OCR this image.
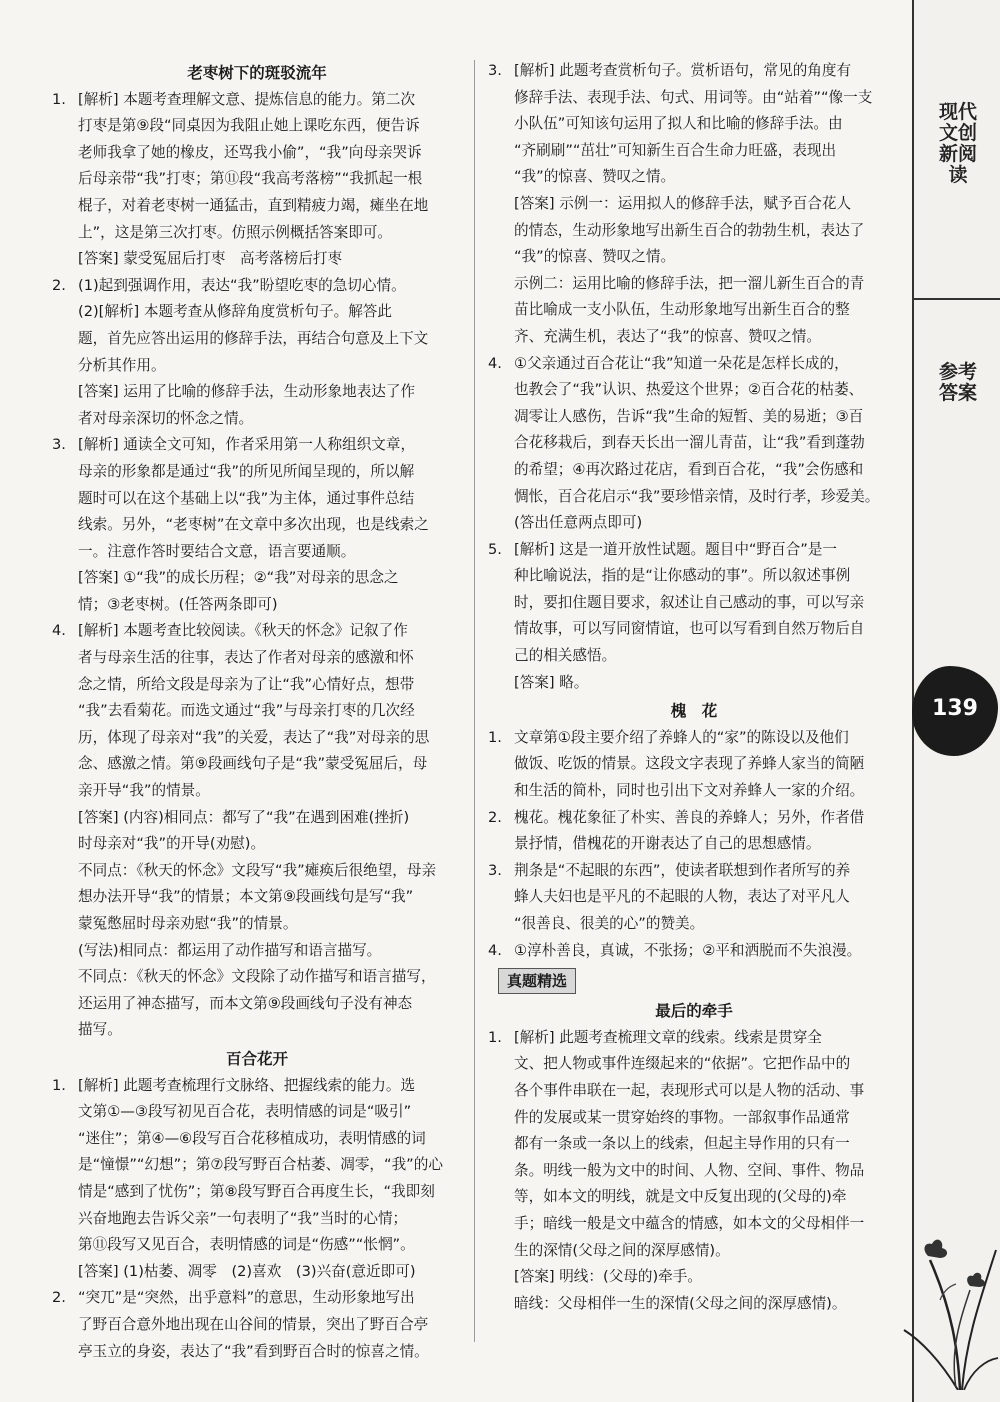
老枣树下的斑驳流年

1. [解析] 本题考查理解文意、提炼信息的能力。第二次
打枣是第⑨段“同桌因为我阻止她上课吃东西，便告诉
老师我拿了她的橡皮，还骂我小偷”，“我”向母亲哭诉
后母亲带“我”打枣；第⑪段“我高考落榜”“我抓起一根
棍子，对着老枣树一通猛击，直到精疲力竭，瘫坐在地
上”，这是第三次打枣。仿照示例概括答案即可。
[答案] 蒙受冤屈后打枣　高考落榜后打枣
2. (1)起到强调作用，表达“我”盼望吃枣的急切心情。
(2)[解析] 本题考查从修辞角度赏析句子。解答此
题，首先应答出运用的修辞手法，再结合句意及上下文
分析其作用。
[答案] 运用了比喻的修辞手法，生动形象地表达了作
者对母亲深切的怀念之情。
3. [解析] 通读全文可知，作者采用第一人称组织文章，
母亲的形象都是通过“我”的所见所闻呈现的，所以解
题时可以在这个基础上以“我”为主体，通过事件总结
线索。另外，“老枣树”在文章中多次出现，也是线索之
一。注意作答时要结合文意，语言要通顺。
[答案] ①“我”的成长历程；②“我”对母亲的思念之
情；③老枣树。(任答两条即可)
4. [解析] 本题考查比较阅读。《秋天的怀念》记叙了作
者与母亲生活的往事，表达了作者对母亲的感激和怀
念之情，所给文段是母亲为了让“我”心情好点，想带
“我”去看菊花。而选文通过“我”与母亲打枣的几次经
历，体现了母亲对“我”的关爱，表达了“我”对母亲的思
念、感激之情。第⑨段画线句子是“我”蒙受冤屈后，母
亲开导“我”的情景。
[答案] (内容)相同点：都写了“我”在遇到困难(挫折)
时母亲对“我”的开导(劝慰)。
不同点：《秋天的怀念》文段写“我”瘫痪后很绝望，母亲
想办法开导“我”的情景；本文第⑨段画线句是写“我”
蒙冤憋屈时母亲劝慰“我”的情景。
(写法)相同点：都运用了动作描写和语言描写。
不同点：《秋天的怀念》文段除了动作描写和语言描写，
还运用了神态描写，而本文第⑨段画线句子没有神态
描写。

百合花开

1. [解析] 此题考查梳理行文脉络、把握线索的能力。选
文第①—③段写初见百合花，表明情感的词是“吸引”
“迷住”；第④—⑥段写百合花移植成功，表明情感的词
是“憧憬”“幻想”；第⑦段写野百合枯萎、凋零，“我”的心
情是“感到了忧伤”；第⑧段写野百合再度生长，“我即刻
兴奋地跑去告诉父亲”一句表明了“我”当时的心情；
第⑪段写又见百合，表明情感的词是“伤感”“怅惘”。
[答案] (1)枯萎、凋零　(2)喜欢　(3)兴奋(意近即可)
2. “突兀”是“突然，出乎意料”的意思，生动形象地写出
了野百合意外地出现在山谷间的情景，突出了野百合亭
亭玉立的身姿，表达了“我”看到野百合时的惊喜之情。
3. [解析] 此题考查赏析句子。赏析语句，常见的角度有
修辞手法、表现手法、句式、用词等。由“站着”“像一支
小队伍”可知该句运用了拟人和比喻的修辞手法。由
“齐刷刷”“茁壮”可知新生百合生命力旺盛，表现出
“我”的惊喜、赞叹之情。
[答案] 示例一：运用拟人的修辞手法，赋予百合花人
的情态，生动形象地写出新生百合的勃勃生机，表达了
“我”的惊喜、赞叹之情。
示例二：运用比喻的修辞手法，把一溜儿新生百合的青
苗比喻成一支小队伍，生动形象地写出新生百合的整
齐、充满生机，表达了“我”的惊喜、赞叹之情。
4. ①父亲通过百合花让“我”知道一朵花是怎样长成的，
也教会了“我”认识、热爱这个世界；②百合花的枯萎、
凋零让人感伤，告诉“我”生命的短暂、美的易逝；③百
合花移栽后，到春天长出一溜儿青苗，让“我”看到蓬勃
的希望；④再次路过花店，看到百合花，“我”会伤感和
惆怅，百合花启示“我”要珍惜亲情，及时行孝，珍爱美。
(答出任意两点即可)
5. [解析] 这是一道开放性试题。题目中“野百合”是一
种比喻说法，指的是“让你感动的事”。所以叙述事例
时，要扣住题目要求，叙述让自己感动的事，可以写亲
情故事，可以写同窗情谊，也可以写看到自然万物后自
己的相关感悟。
[答案] 略。

槐　花

1. 文章第①段主要介绍了养蜂人的“家”的陈设以及他们
做饭、吃饭的情景。这段文字表现了养蜂人家当的简陋
和生活的简朴，同时也引出下文对养蜂人一家的介绍。
2. 槐花。槐花象征了朴实、善良的养蜂人；另外，作者借
景抒情，借槐花的开谢表达了自己的思想感情。
3. 荆条是“不起眼的东西”，使读者联想到作者所写的养
蜂人夫妇也是平凡的不起眼的人物，表达了对平凡人
“很善良、很美的心”的赞美。
4. ①淳朴善良，真诚，不张扬；②平和洒脱而不失浪漫。
真题精选

最后的牵手

1. [解析] 此题考查梳理文章的线索。线索是贯穿全
文、把人物或事件连缀起来的“依据”。它把作品中的
各个事件串联在一起，表现形式可以是人物的活动、事
件的发展或某一贯穿始终的事物。一部叙事作品通常
都有一条或一条以上的线索，但起主导作用的只有一
条。明线一般为文中的时间、人物、空间、事件、物品
等，如本文的明线，就是文中反复出现的(父母的)牵
手；暗线一般是文中蕴含的情感，如本文的父母相伴一
生的深情(父母之间的深厚感情)。
[答案] 明线：(父母的)牵手。
暗线：父母相伴一生的深情(父母之间的深厚感情)。
现代文创新阅读
参考答案
139
